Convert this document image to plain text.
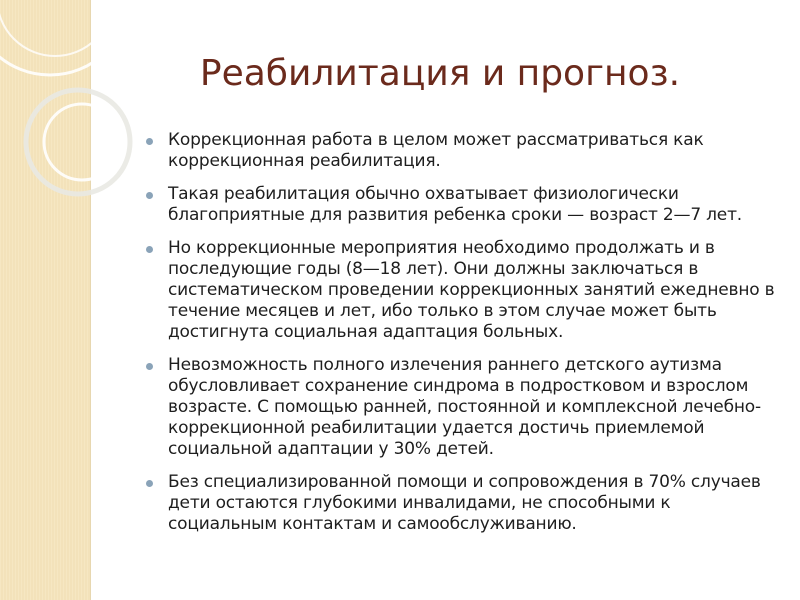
Реабилитация и прогноз.
Коррекционная работа в целом может рассматриваться как коррекционная реабилитация.
Такая реабилитация обычно охватывает физиологически благоприятные для развития ребенка сроки — возраст 2—7 лет.
Но коррекционные мероприятия необходимо продолжать и в последующие годы (8—18 лет). Они должны заключаться в систематическом проведении коррекционных занятий ежедневно в течение месяцев и лет, ибо только в этом случае может быть достигнута социальная адаптация больных.
Невозможность полного излечения раннего детского аутизма обусловливает сохранение синдрома в подростковом и взрослом возрасте. С помощью ранней, постоянной и комплексной лечебно-коррекционной реабилитации удается достичь приемлемой социальной адаптации у 30% детей.
Без специализированной помощи и сопровождения в 70% случаев дети остаются глубокими инвалидами, не способными к социальным контактам и самообслуживанию.
